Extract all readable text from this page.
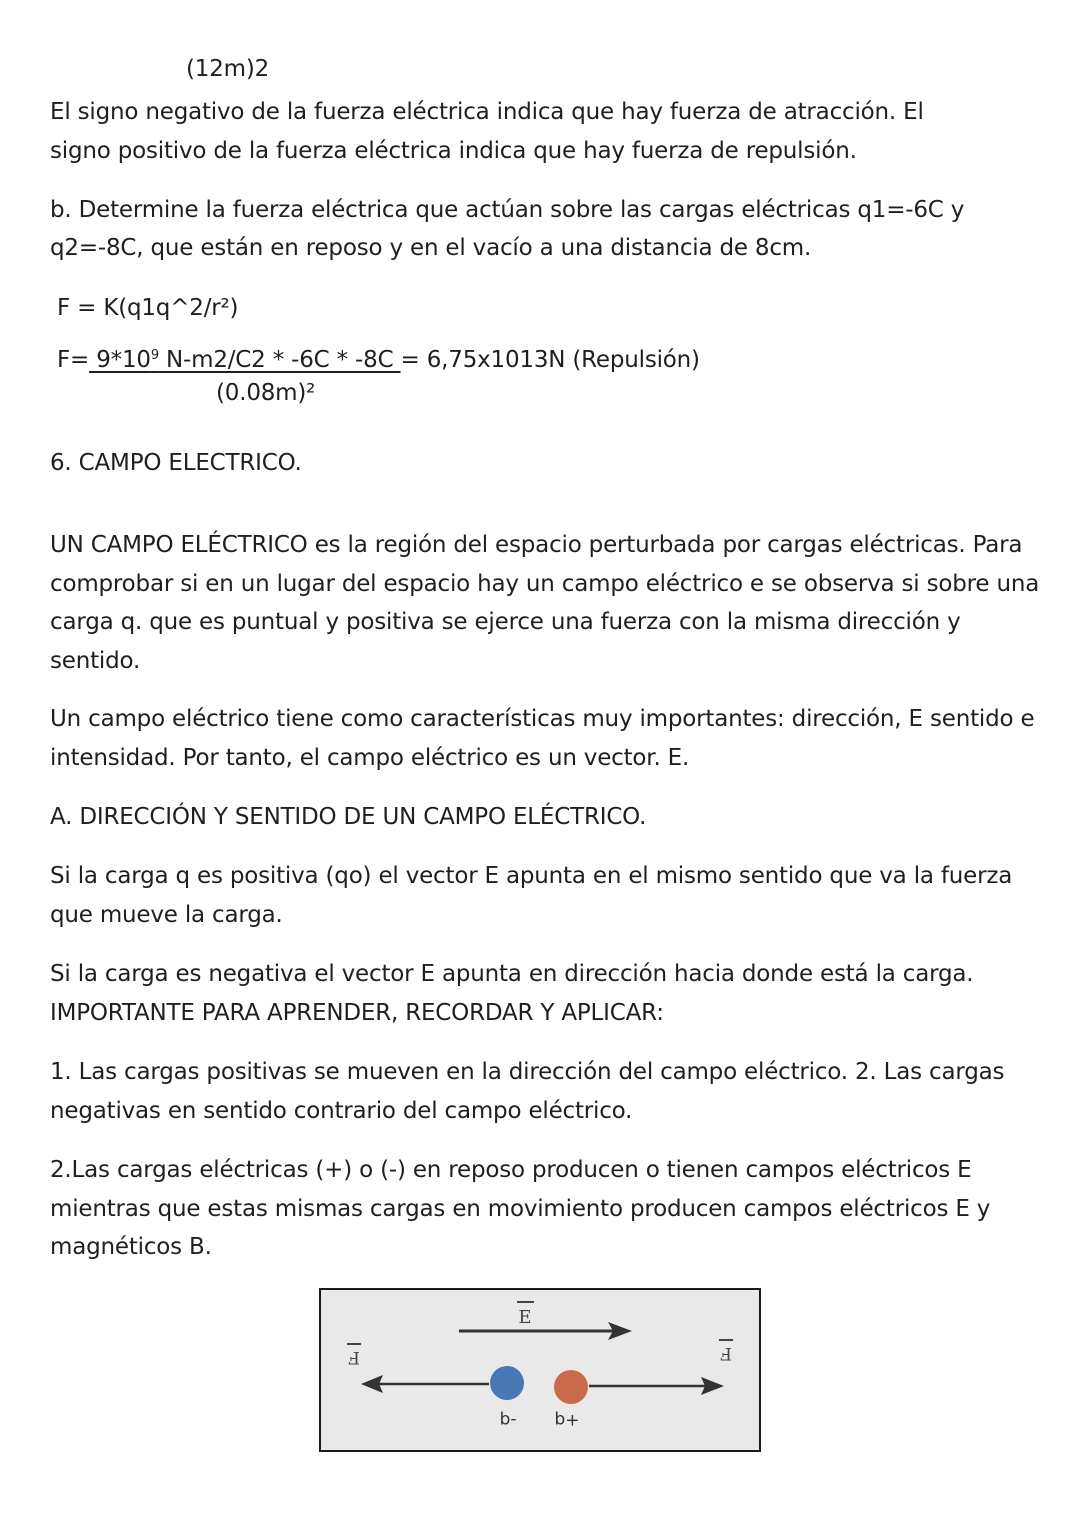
(12m)2
El signo negativo de la fuerza eléctrica indica que hay fuerza de atracción. El
signo positivo de la fuerza eléctrica indica que hay fuerza de repulsión.
b. Determine la fuerza eléctrica que actúan sobre las cargas eléctricas q1=-6C y
q2=-8C, que están en reposo y en el vacío a una distancia de 8cm.
F = K(q1q^2/r²)
$F= 9*10^9$ N-m2/C2 * -6C * -8C = 6,75x1013N (Repulsión)
(0.08m)²
6. CAMPO ELECTRICO.
UN CAMPO ELÉCTRICO es la región del espacio perturbada por cargas eléctricas. Para comprobar si en un lugar del espacio hay un campo eléctrico e se observa si sobre una carga q. que es puntual y positiva se ejerce una fuerza con la misma dirección y sentido.
Un campo eléctrico tiene como características muy importantes: dirección, E sentido e intensidad. Por tanto, el campo eléctrico es un vector. E.
A. DIRECCIÓN Y SENTIDO DE UN CAMPO ELÉCTRICO.
Si la carga q es positiva (qo) el vector E apunta en el mismo sentido que va la fuerza que mueve la carga.
Si la carga es negativa el vector E apunta en dirección hacia donde está la carga. IMPORTANTE PARA APRENDER, RECORDAR Y APLICAR:
1. Las cargas positivas se mueven en la dirección del campo eléctrico. 2. Las cargas negativas en sentido contrario del campo eléctrico.
2.Las cargas eléctricas (+) o (-) en reposo producen o tienen campos eléctricos E mientras que estas mismas cargas en movimiento producen campos eléctricos E y magnéticos B.
E
F	F
-q +q
